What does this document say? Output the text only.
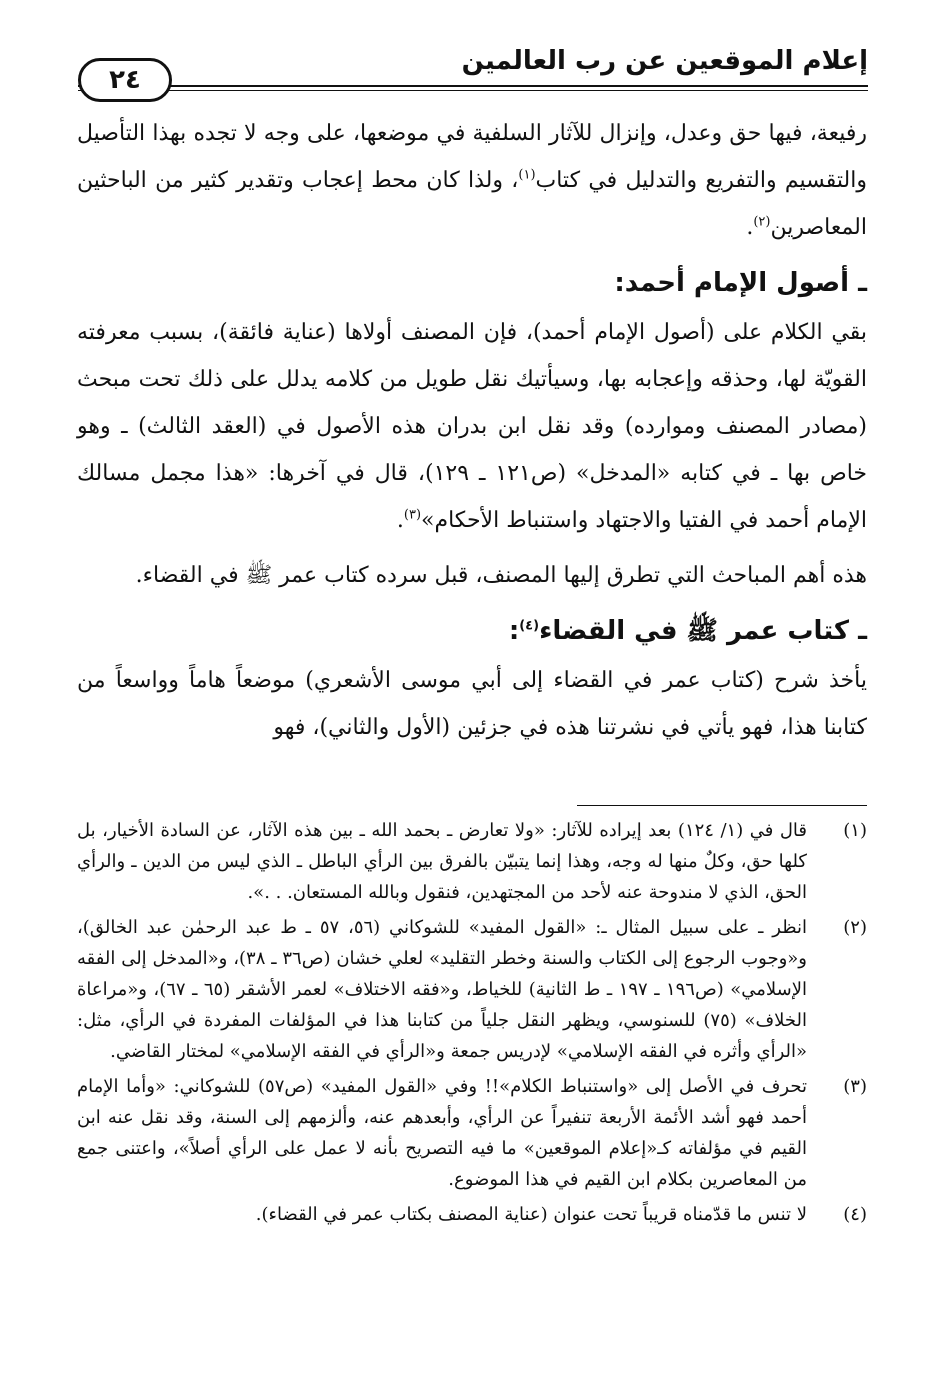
إعلام الموقعين عن رب العالمين
٢٤

رفيعة، فيها حق وعدل، وإنزال للآثار السلفية في موضعها، على وجه لا تجده بهذا التأصيل والتقسيم والتفريع والتدليل في كتاب$^{(١)}$، ولذا كان محط إعجاب وتقدير كثير من الباحثين المعاصرين$^{(٢)}$.

ـ أصول الإمام أحمد:

بقي الكلام على (أصول الإمام أحمد)، فإن المصنف أولاها (عناية فائقة)، بسبب معرفته القويّة لها، وحذقه وإعجابه بها، وسيأتيك نقل طويل من كلامه يدلل على ذلك تحت مبحث (مصادر المصنف وموارده) وقد نقل ابن بدران هذه الأصول في (العقد الثالث) ـ وهو خاص بها ـ في كتابه «المدخل» (ص١٢١ ـ ١٢٩)، قال في آخرها: «هذا مجمل مسالك الإمام أحمد في الفتيا والاجتهاد واستنباط الأحكام»$^{(٣)}$.

هذه أهم المباحث التي تطرق إليها المصنف، قبل سرده كتاب عمر ﷺ في القضاء.

ـ كتاب عمر ﷺ في القضاء$^{(٤)}$:

يأخذ شرح (كتاب عمر في القضاء إلى أبي موسى الأشعري) موضعاً هاماً وواسعاً من كتابنا هذا، فهو يأتي في نشرتنا هذه في جزئين (الأول والثاني)، فهو

(١)
قال في (١/ ١٢٤) بعد إيراده للآثار: «ولا تعارض ـ بحمد الله ـ بين هذه الآثار، عن السادة الأخيار، بل كلها حق، وكلٌ منها له وجه، وهذا إنما يتبيّن بالفرق بين الرأي الباطل ـ الذي ليس من الدين ـ والرأي الحق، الذي لا مندوحة عنه لأحد من المجتهدين، فنقول وبالله المستعان. . .».
(٢)
انظر ـ على سبيل المثال ـ: «القول المفيد» للشوكاني (٥٦، ٥٧ ـ ط عبد الرحمٰن عبد الخالق)، و«وجوب الرجوع إلى الكتاب والسنة وخطر التقليد» لعلي خشان (ص٣٦ ـ ٣٨)، و«المدخل إلى الفقه الإسلامي» (ص١٩٦ ـ ١٩٧ ـ ط الثانية) للخياط، و«فقه الاختلاف» لعمر الأشقر (٦٥ ـ ٦٧)، و«مراعاة الخلاف» (٧٥) للسنوسي، ويظهر النقل جلياً من كتابنا هذا في المؤلفات المفردة في الرأي، مثل: «الرأي وأثره في الفقه الإسلامي» لإدريس جمعة و«الرأي في الفقه الإسلامي» لمختار القاضي.
(٣)
تحرف في الأصل إلى «واستنباط الكلام»!! وفي «القول المفيد» (ص٥٧) للشوكاني: «وأما الإمام أحمد فهو أشد الأئمة الأربعة تنفيراً عن الرأي، وأبعدهم عنه، وألزمهم إلى السنة، وقد نقل عنه ابن القيم في مؤلفاته كـ«إعلام الموقعين» ما فيه التصريح بأنه لا عمل على الرأي أصلاً»، واعتنى جمع من المعاصرين بكلام ابن القيم في هذا الموضوع.
(٤)
لا تنس ما قدّمناه قريباً تحت عنوان (عناية المصنف بكتاب عمر في القضاء).
